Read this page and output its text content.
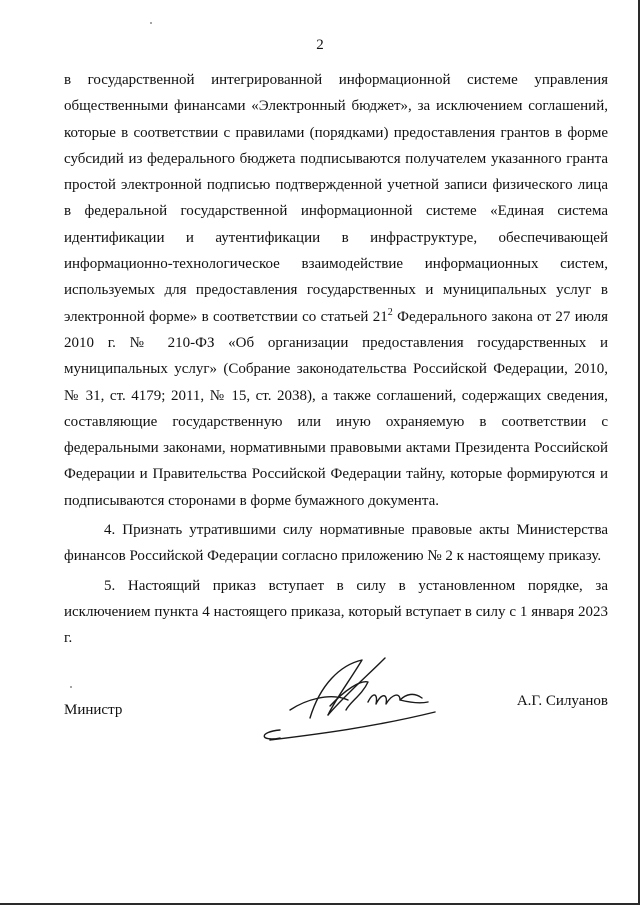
2

в государственной интегрированной информационной системе управления общественными финансами «Электронный бюджет», за исключением соглашений, которые в соответствии с правилами (порядками) предоставления грантов в форме субсидий из федерального бюджета подписываются получателем указанного гранта простой электронной подписью подтвержденной учетной записи физического лица в федеральной государственной информационной системе «Единая система идентификации и аутентификации в инфраструктуре, обеспечивающей информационно-технологическое взаимодействие информационных систем, используемых для предоставления государственных и муниципальных услуг в электронной форме» в соответствии со статьей $21^2$ Федерального закона от 27 июля 2010 г. № 210-ФЗ «Об организации предоставления государственных и муниципальных услуг» (Собрание законодательства Российской Федерации, 2010, № 31, ст. 4179; 2011, № 15, ст. 2038), а также соглашений, содержащих сведения, составляющие государственную или иную охраняемую в соответствии с федеральными законами, нормативными правовыми актами Президента Российской Федерации и Правительства Российской Федерации тайну, которые формируются и подписываются сторонами в форме бумажного документа.

4. Признать утратившими силу нормативные правовые акты Министерства финансов Российской Федерации согласно приложению № 2 к настоящему приказу.

5. Настоящий приказ вступает в силу в установленном порядке, за исключением пункта 4 настоящего приказа, который вступает в силу с 1 января 2023 г.

Министр
А.Г. Силуанов
